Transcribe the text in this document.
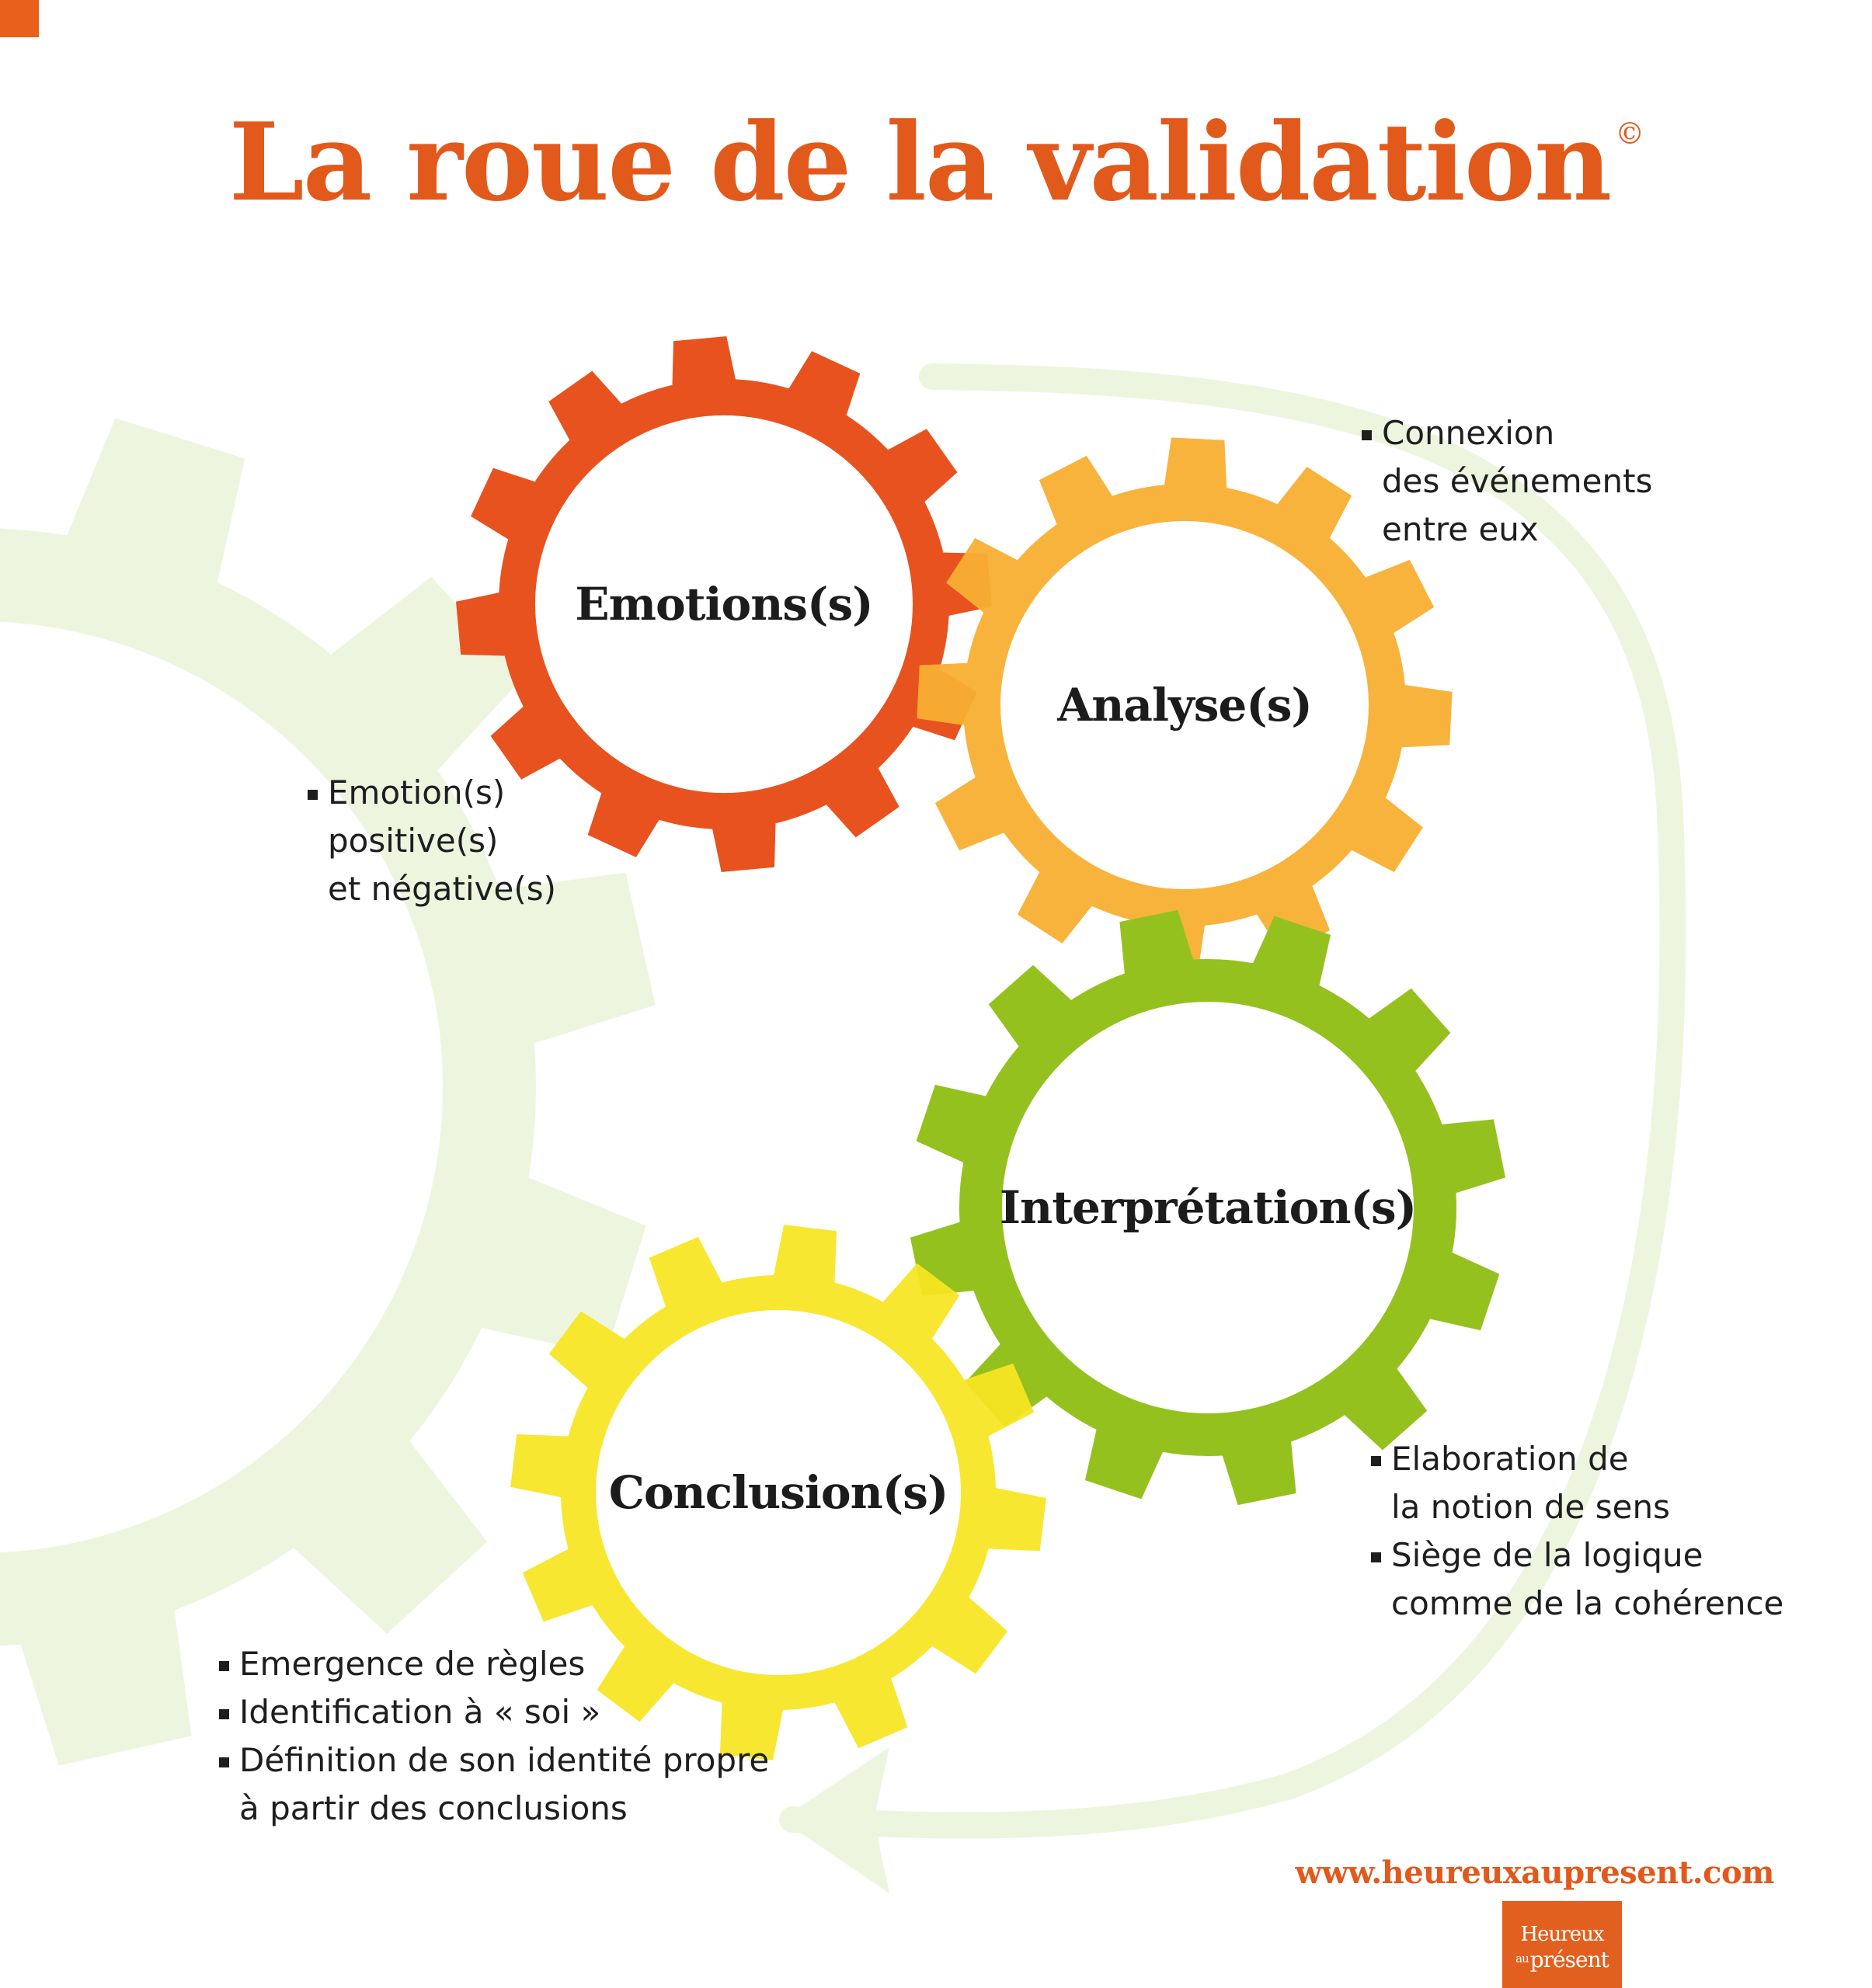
La roue de la validation ©
Emotions(s)
Analyse(s)
Interprétation(s)
Conclusion(s)
Emotion(s)
positive(s)
et négative(s)
Connexion
des événements
entre eux
Elaboration de
la notion de sens
Siège de la logique
comme de la cohérence
Emergence de règles
Identification à « soi »
Définition de son identité propre
à partir des conclusions
www.heureuxaupresent.com
Heureux
$^{au}$présent
